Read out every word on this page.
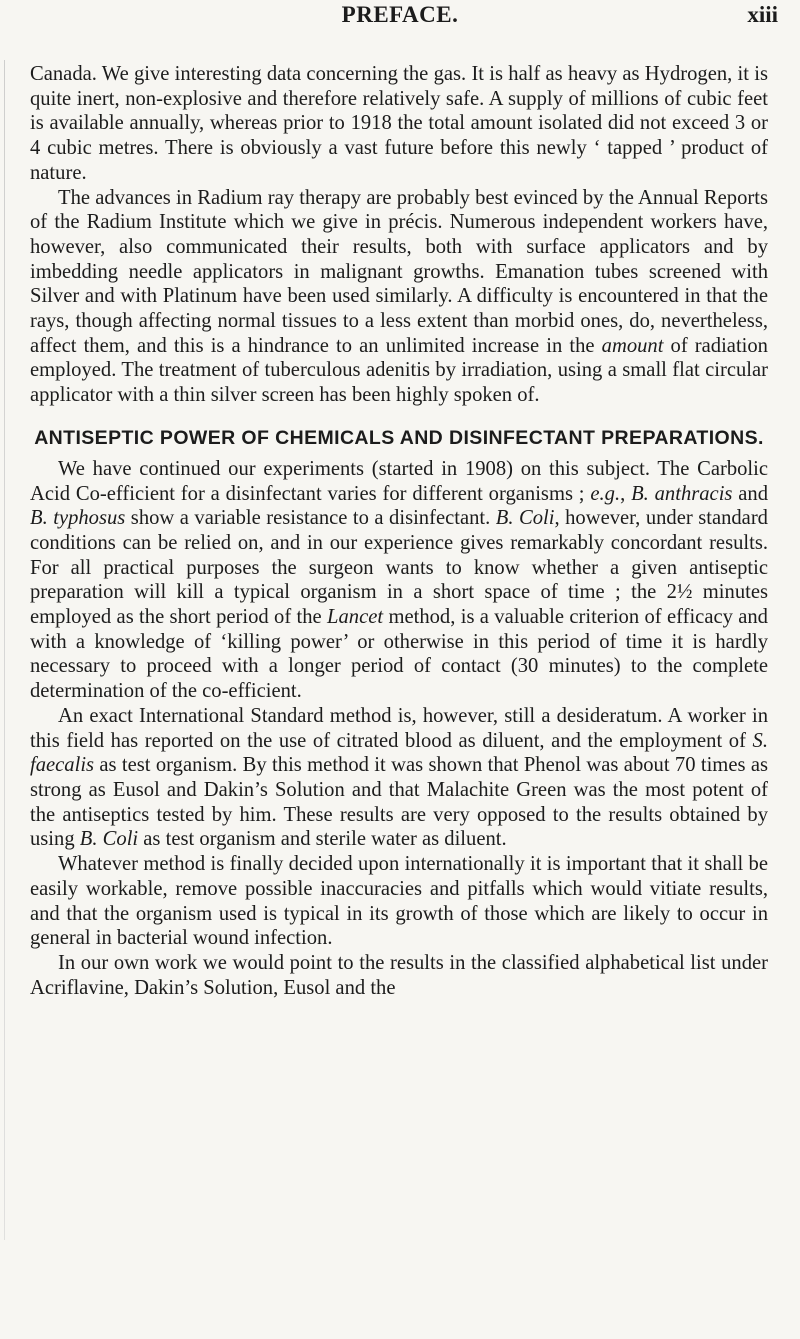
PREFACE.	xiii

Canada. We give interesting data concerning the gas. It is half as heavy as Hydrogen, it is quite inert, non-explosive and therefore relatively safe. A supply of millions of cubic feet is available annually, whereas prior to 1918 the total amount isolated did not exceed 3 or 4 cubic metres. There is obviously a vast future before this newly ‘ tapped ’ product of nature.

The advances in Radium ray therapy are probably best evinced by the Annual Reports of the Radium Institute which we give in précis. Numerous independent workers have, however, also communicated their results, both with surface applicators and by imbedding needle applicators in malignant growths. Emanation tubes screened with Silver and with Platinum have been used similarly. A difficulty is encountered in that the rays, though affecting normal tissues to a less extent than morbid ones, do, nevertheless, affect them, and this is a hindrance to an unlimited increase in the amount of radiation employed. The treatment of tuberculous adenitis by irradiation, using a small flat circular applicator with a thin silver screen has been highly spoken of.

ANTISEPTIC POWER OF CHEMICALS AND DISINFECTANT PREPARATIONS.

We have continued our experiments (started in 1908) on this subject. The Carbolic Acid Co-efficient for a disinfectant varies for different organisms ; e.g., B. anthracis and B. typhosus show a variable resistance to a disinfectant. B. Coli, however, under standard conditions can be relied on, and in our experience gives remarkably concordant results. For all practical purposes the surgeon wants to know whether a given antiseptic preparation will kill a typical organism in a short space of time ; the 2½ minutes employed as the short period of the Lancet method, is a valuable criterion of efficacy and with a knowledge of ‘killing power’ or otherwise in this period of time it is hardly necessary to proceed with a longer period of contact (30 minutes) to the complete determination of the co-efficient.

An exact International Standard method is, however, still a desideratum. A worker in this field has reported on the use of citrated blood as diluent, and the employment of S. faecalis as test organism. By this method it was shown that Phenol was about 70 times as strong as Eusol and Dakin’s Solution and that Malachite Green was the most potent of the antiseptics tested by him. These results are very opposed to the results obtained by using B. Coli as test organism and sterile water as diluent.

Whatever method is finally decided upon internationally it is important that it shall be easily workable, remove possible inaccuracies and pitfalls which would vitiate results, and that the organism used is typical in its growth of those which are likely to occur in general in bacterial wound infection.

In our own work we would point to the results in the classified alphabetical list under Acriflavine, Dakin’s Solution, Eusol and the
